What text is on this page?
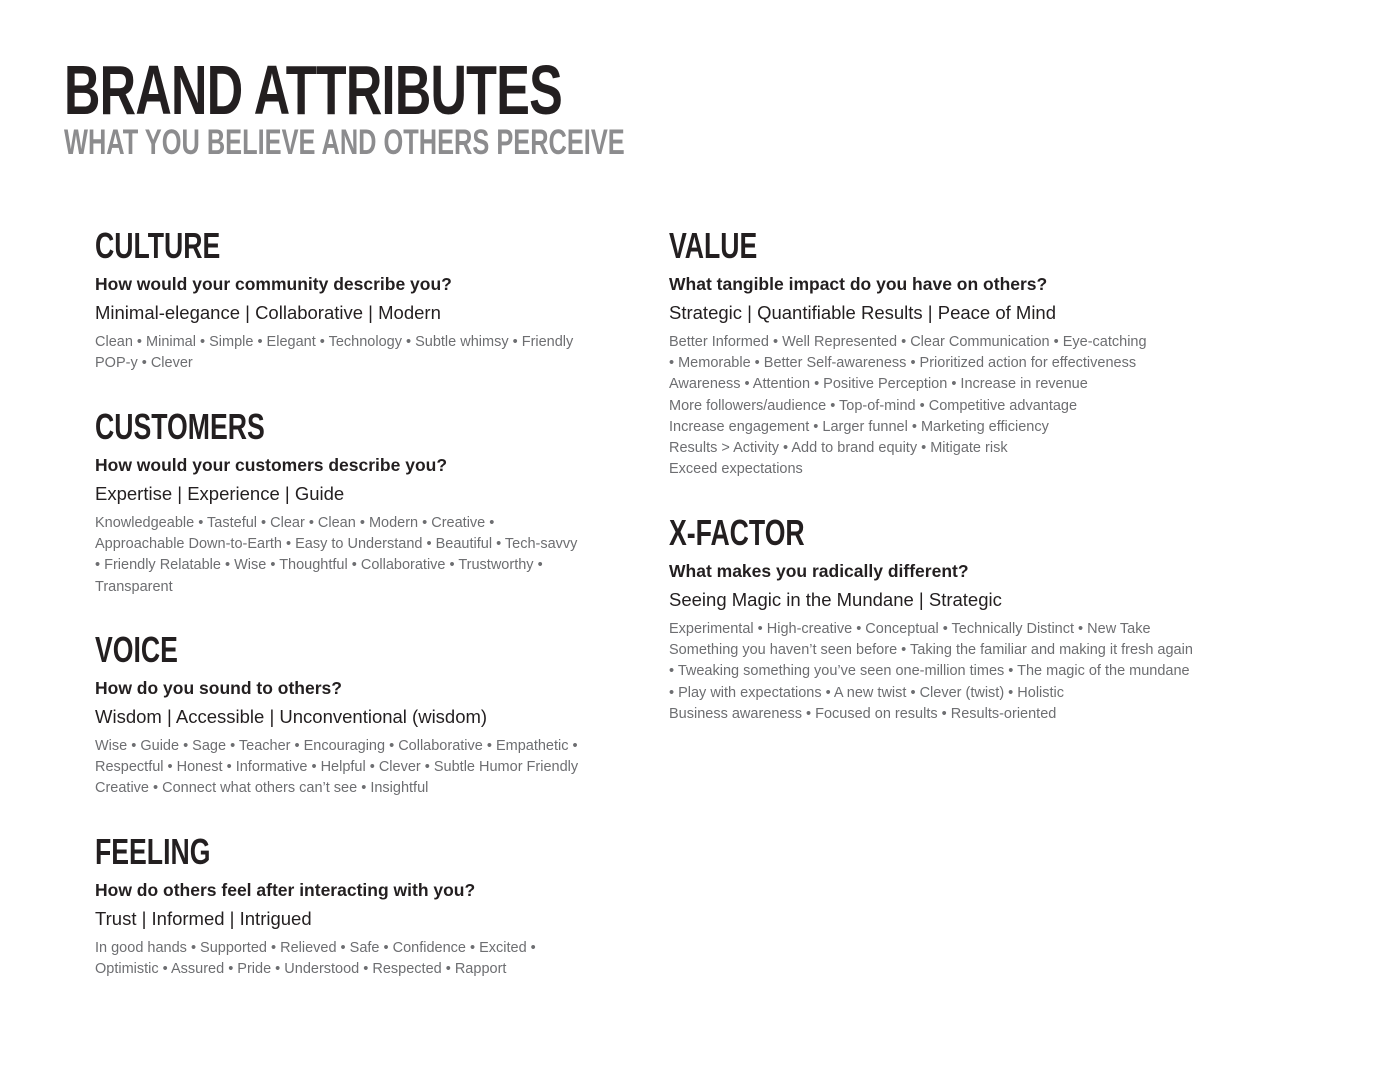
BRAND ATTRIBUTES
WHAT YOU BELIEVE AND OTHERS PERCEIVE
CULTURE
How would your community describe you?
Minimal-elegance | Collaborative | Modern
Clean • Minimal • Simple • Elegant • Technology • Subtle whimsy • Friendly
POP-y • Clever
CUSTOMERS
How would your customers describe you?
Expertise | Experience | Guide
Knowledgeable • Tasteful • Clear • Clean • Modern • Creative •
Approachable Down-to-Earth • Easy to Understand • Beautiful • Tech-savvy
• Friendly Relatable • Wise • Thoughtful • Collaborative • Trustworthy •
Transparent
VOICE
How do you sound to others?
Wisdom | Accessible | Unconventional (wisdom)
Wise • Guide • Sage • Teacher • Encouraging • Collaborative • Empathetic •
Respectful • Honest • Informative • Helpful • Clever • Subtle Humor Friendly
Creative • Connect what others can’t see • Insightful
FEELING
How do others feel after interacting with you?
Trust | Informed | Intrigued
In good hands • Supported • Relieved • Safe • Confidence • Excited •
Optimistic • Assured • Pride • Understood • Respected • Rapport
VALUE
What tangible impact do you have on others?
Strategic | Quantifiable Results | Peace of Mind
Better Informed • Well Represented • Clear Communication • Eye-catching
• Memorable • Better Self-awareness • Prioritized action for effectiveness
Awareness • Attention • Positive Perception • Increase in revenue
More followers/audience • Top-of-mind • Competitive advantage
Increase engagement • Larger funnel • Marketing efficiency
Results > Activity • Add to brand equity • Mitigate risk
Exceed expectations
X-FACTOR
What makes you radically different?
Seeing Magic in the Mundane | Strategic
Experimental • High-creative • Conceptual • Technically Distinct • New Take
Something you haven’t seen before • Taking the familiar and making it fresh again
• Tweaking something you’ve seen one-million times • The magic of the mundane
• Play with expectations • A new twist • Clever (twist) • Holistic
Business awareness • Focused on results • Results-oriented
